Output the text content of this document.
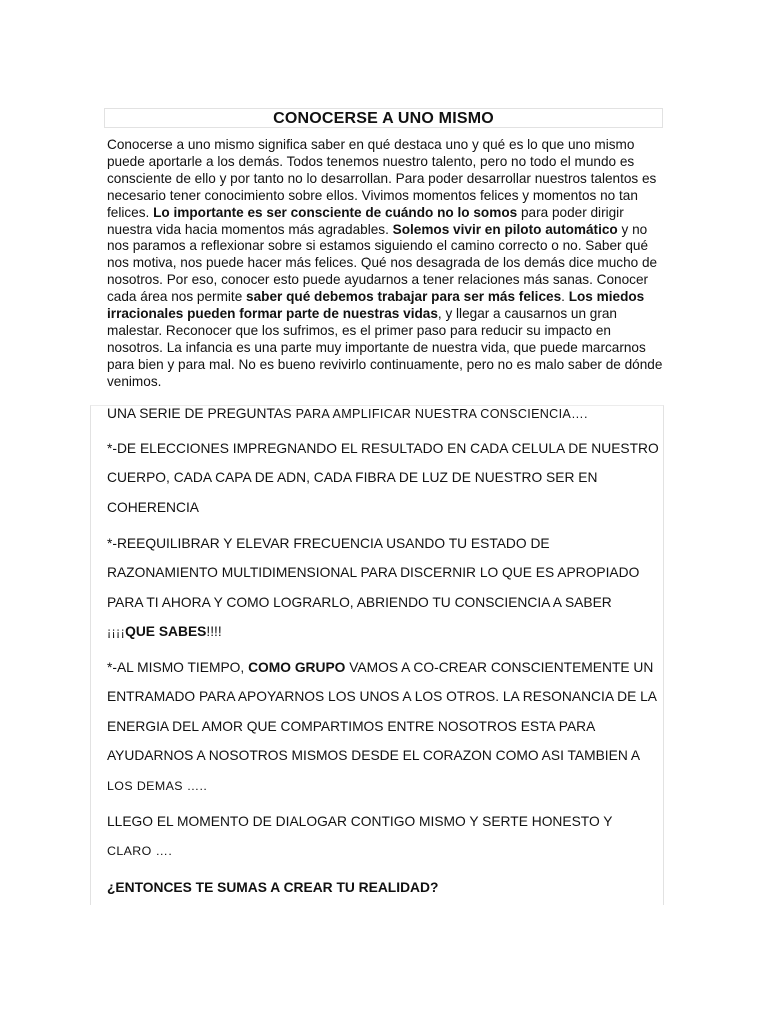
CONOCERSE A UNO MISMO

Conocerse a uno mismo significa saber en qué destaca uno y qué es lo que uno mismo puede aportarle a los demás. Todos tenemos nuestro talento, pero no todo el mundo es consciente de ello y por tanto no lo desarrollan. Para poder desarrollar nuestros talentos es necesario tener conocimiento sobre ellos. Vivimos momentos felices y momentos no tan felices. Lo importante es ser consciente de cuándo no lo somos para poder dirigir nuestra vida hacia momentos más agradables. Solemos vivir en piloto automático y no nos paramos a reflexionar sobre si estamos siguiendo el camino correcto o no. Saber qué nos motiva, nos puede hacer más felices. Qué nos desagrada de los demás dice mucho de nosotros. Por eso, conocer esto puede ayudarnos a tener relaciones más sanas. Conocer cada área nos permite saber qué debemos trabajar para ser más felices. Los miedos irracionales pueden formar parte de nuestras vidas, y llegar a causarnos un gran malestar. Reconocer que los sufrimos, es el primer paso para reducir su impacto en nosotros. La infancia es una parte muy importante de nuestra vida, que puede marcarnos para bien y para mal. No es bueno revivirlo continuamente, pero no es malo saber de dónde venimos.

UNA SERIE DE PREGUNTAS PARA AMPLIFICAR NUESTRA CONSCIENCIA….

*-DE ELECCIONES IMPREGNANDO EL RESULTADO EN CADA CELULA DE NUESTRO CUERPO, CADA CAPA DE ADN, CADA FIBRA DE LUZ DE NUESTRO SER EN COHERENCIA

*-REEQUILIBRAR Y ELEVAR FRECUENCIA USANDO TU ESTADO DE RAZONAMIENTO MULTIDIMENSIONAL PARA DISCERNIR LO QUE ES APROPIADO PARA TI AHORA Y COMO LOGRARLO, ABRIENDO TU CONSCIENCIA A SABER ¡¡¡¡QUE SABES!!!!

*-AL MISMO TIEMPO, COMO GRUPO VAMOS A CO-CREAR CONSCIENTEMENTE UN ENTRAMADO PARA APOYARNOS LOS UNOS A LOS OTROS. LA RESONANCIA DE LA ENERGIA DEL AMOR QUE COMPARTIMOS ENTRE NOSOTROS ESTA PARA AYUDARNOS A NOSOTROS MISMOS DESDE EL CORAZON COMO ASI TAMBIEN A
LOS DEMAS …..

LLEGO EL MOMENTO DE DIALOGAR CONTIGO MISMO Y SERTE HONESTO Y
CLARO ….

¿ENTONCES TE SUMAS A CREAR TU REALIDAD?
